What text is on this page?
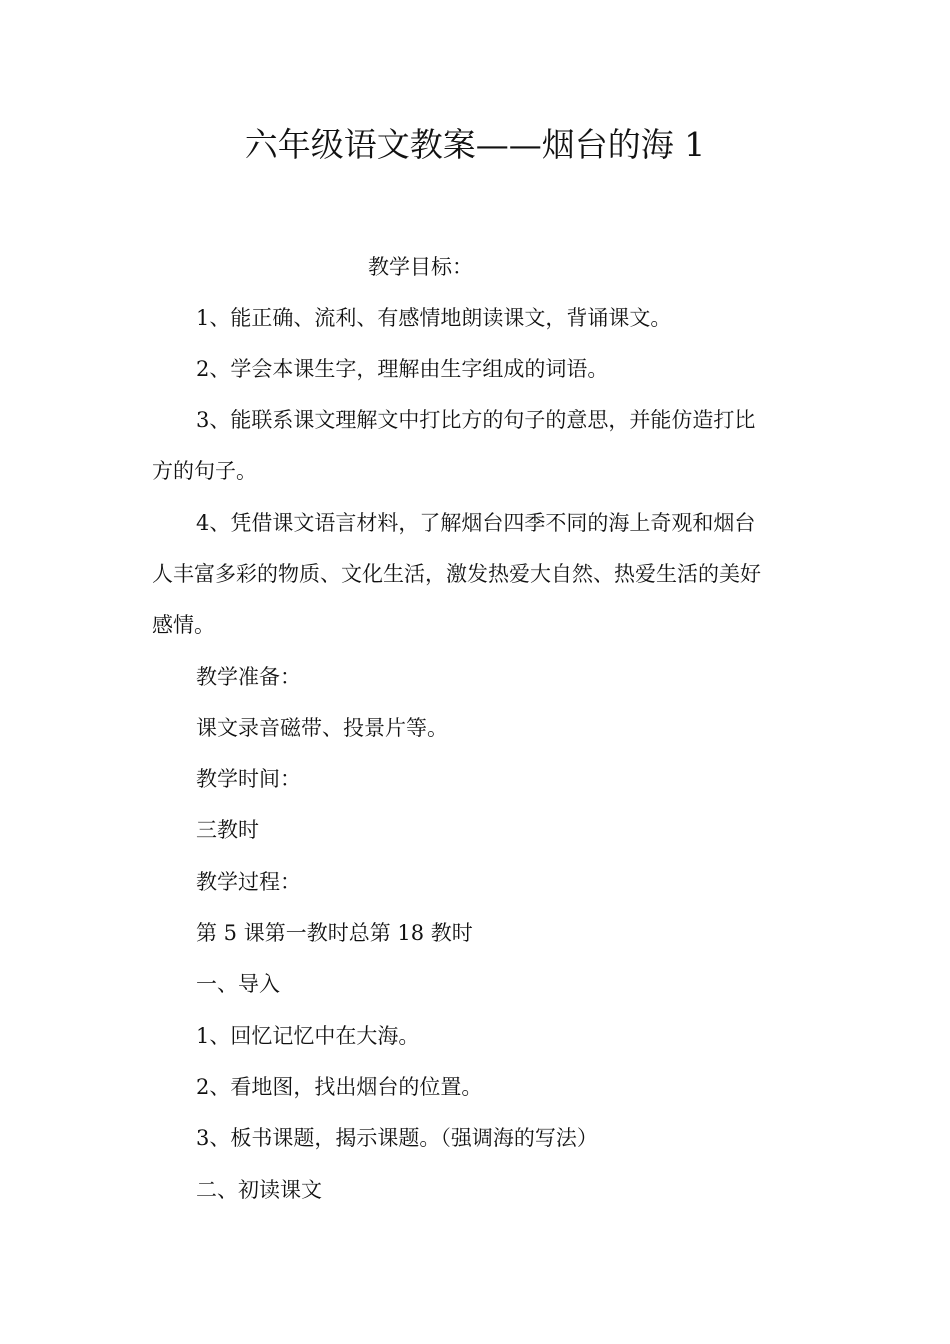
六年级语文教案——烟台的海 1

教学目标：

1、能正确、流利、有感情地朗读课文，背诵课文。

2、学会本课生字，理解由生字组成的词语。

3、能联系课文理解文中打比方的句子的意思，并能仿造打比

方的句子。

4、凭借课文语言材料，了解烟台四季不同的海上奇观和烟台

人丰富多彩的物质、文化生活，激发热爱大自然、热爱生活的美好

感情。

教学准备：

课文录音磁带、投景片等。

教学时间：

三教时

教学过程：

第 5 课第一教时总第 18 教时

一、导入

1、回忆记忆中在大海。

2、看地图，找出烟台的位置。

3、板书课题，揭示课题。（强调海的写法）

二、初读课文
